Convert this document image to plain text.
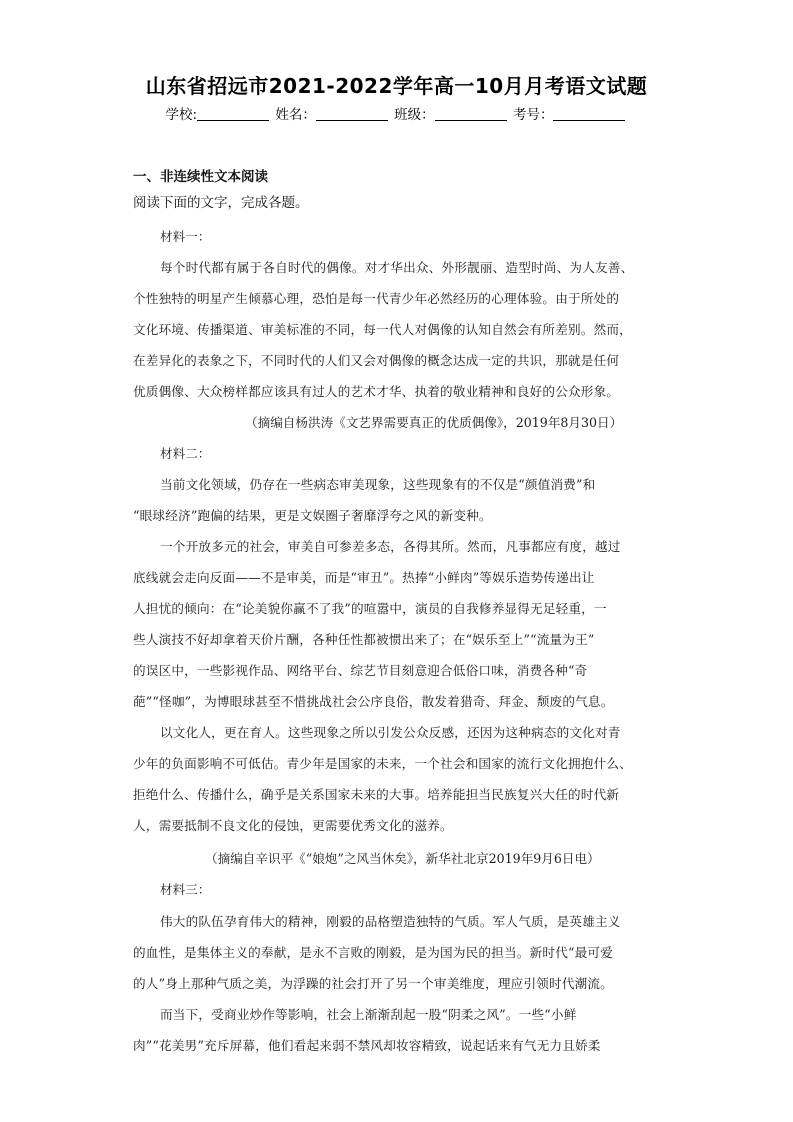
山东省招远市2021-2022学年高一10月月考语文试题
学校:	姓名：	班级：	考号：
一、非连续性文本阅读
阅读下面的文字，完成各题。
材料一：
每个时代都有属于各自时代的偶像。对才华出众、外形靓丽、造型时尚、为人友善、
个性独特的明星产生倾慕心理，恐怕是每一代青少年必然经历的心理体验。由于所处的
文化环境、传播渠道、审美标准的不同，每一代人对偶像的认知自然会有所差别。然而，
在差异化的表象之下，不同时代的人们又会对偶像的概念达成一定的共识，那就是任何
优质偶像、大众榜样都应该具有过人的艺术才华、执着的敬业精神和良好的公众形象。
（摘编自杨洪涛《文艺界需要真正的优质偶像》，2019年8月30日）
材料二：
当前文化领域，仍存在一些病态审美现象，这些现象有的不仅是“颜值消费”和
“眼球经济”跑偏的结果，更是文娱圈子奢靡浮夸之风的新变种。
一个开放多元的社会，审美自可参差多态，各得其所。然而，凡事都应有度，越过
底线就会走向反面——不是审美，而是“审丑”。热捧“小鲜肉”等娱乐造势传递出让
人担忧的倾向：在“论美貌你赢不了我”的喧嚣中，演员的自我修养显得无足轻重，一
些人演技不好却拿着天价片酬，各种任性都被惯出来了；在“娱乐至上”“流量为王”
的误区中，一些影视作品、网络平台、综艺节目刻意迎合低俗口味，消费各种“奇
葩”“怪咖”，为博眼球甚至不惜挑战社会公序良俗，散发着猎奇、拜金、颓废的气息。
以文化人，更在育人。这些现象之所以引发公众反感，还因为这种病态的文化对青
少年的负面影响不可低估。青少年是国家的未来，一个社会和国家的流行文化拥抱什么、
拒绝什么、传播什么，确乎是关系国家未来的大事。培养能担当民族复兴大任的时代新
人，需要抵制不良文化的侵蚀，更需要优秀文化的滋养。
（摘编自辛识平《“娘炮”之风当休矣》，新华社北京2019年9月6日电）
材料三：
伟大的队伍孕育伟大的精神，刚毅的品格塑造独特的气质。军人气质，是英雄主义
的血性，是集体主义的奉献，是永不言败的刚毅，是为国为民的担当。新时代“最可爱
的人”身上那种气质之美，为浮躁的社会打开了另一个审美维度，理应引领时代潮流。
而当下，受商业炒作等影响，社会上渐渐刮起一股“阴柔之风”。一些“小鲜
肉”“花美男”充斥屏幕，他们看起来弱不禁风却妆容精致，说起话来有气无力且娇柔
